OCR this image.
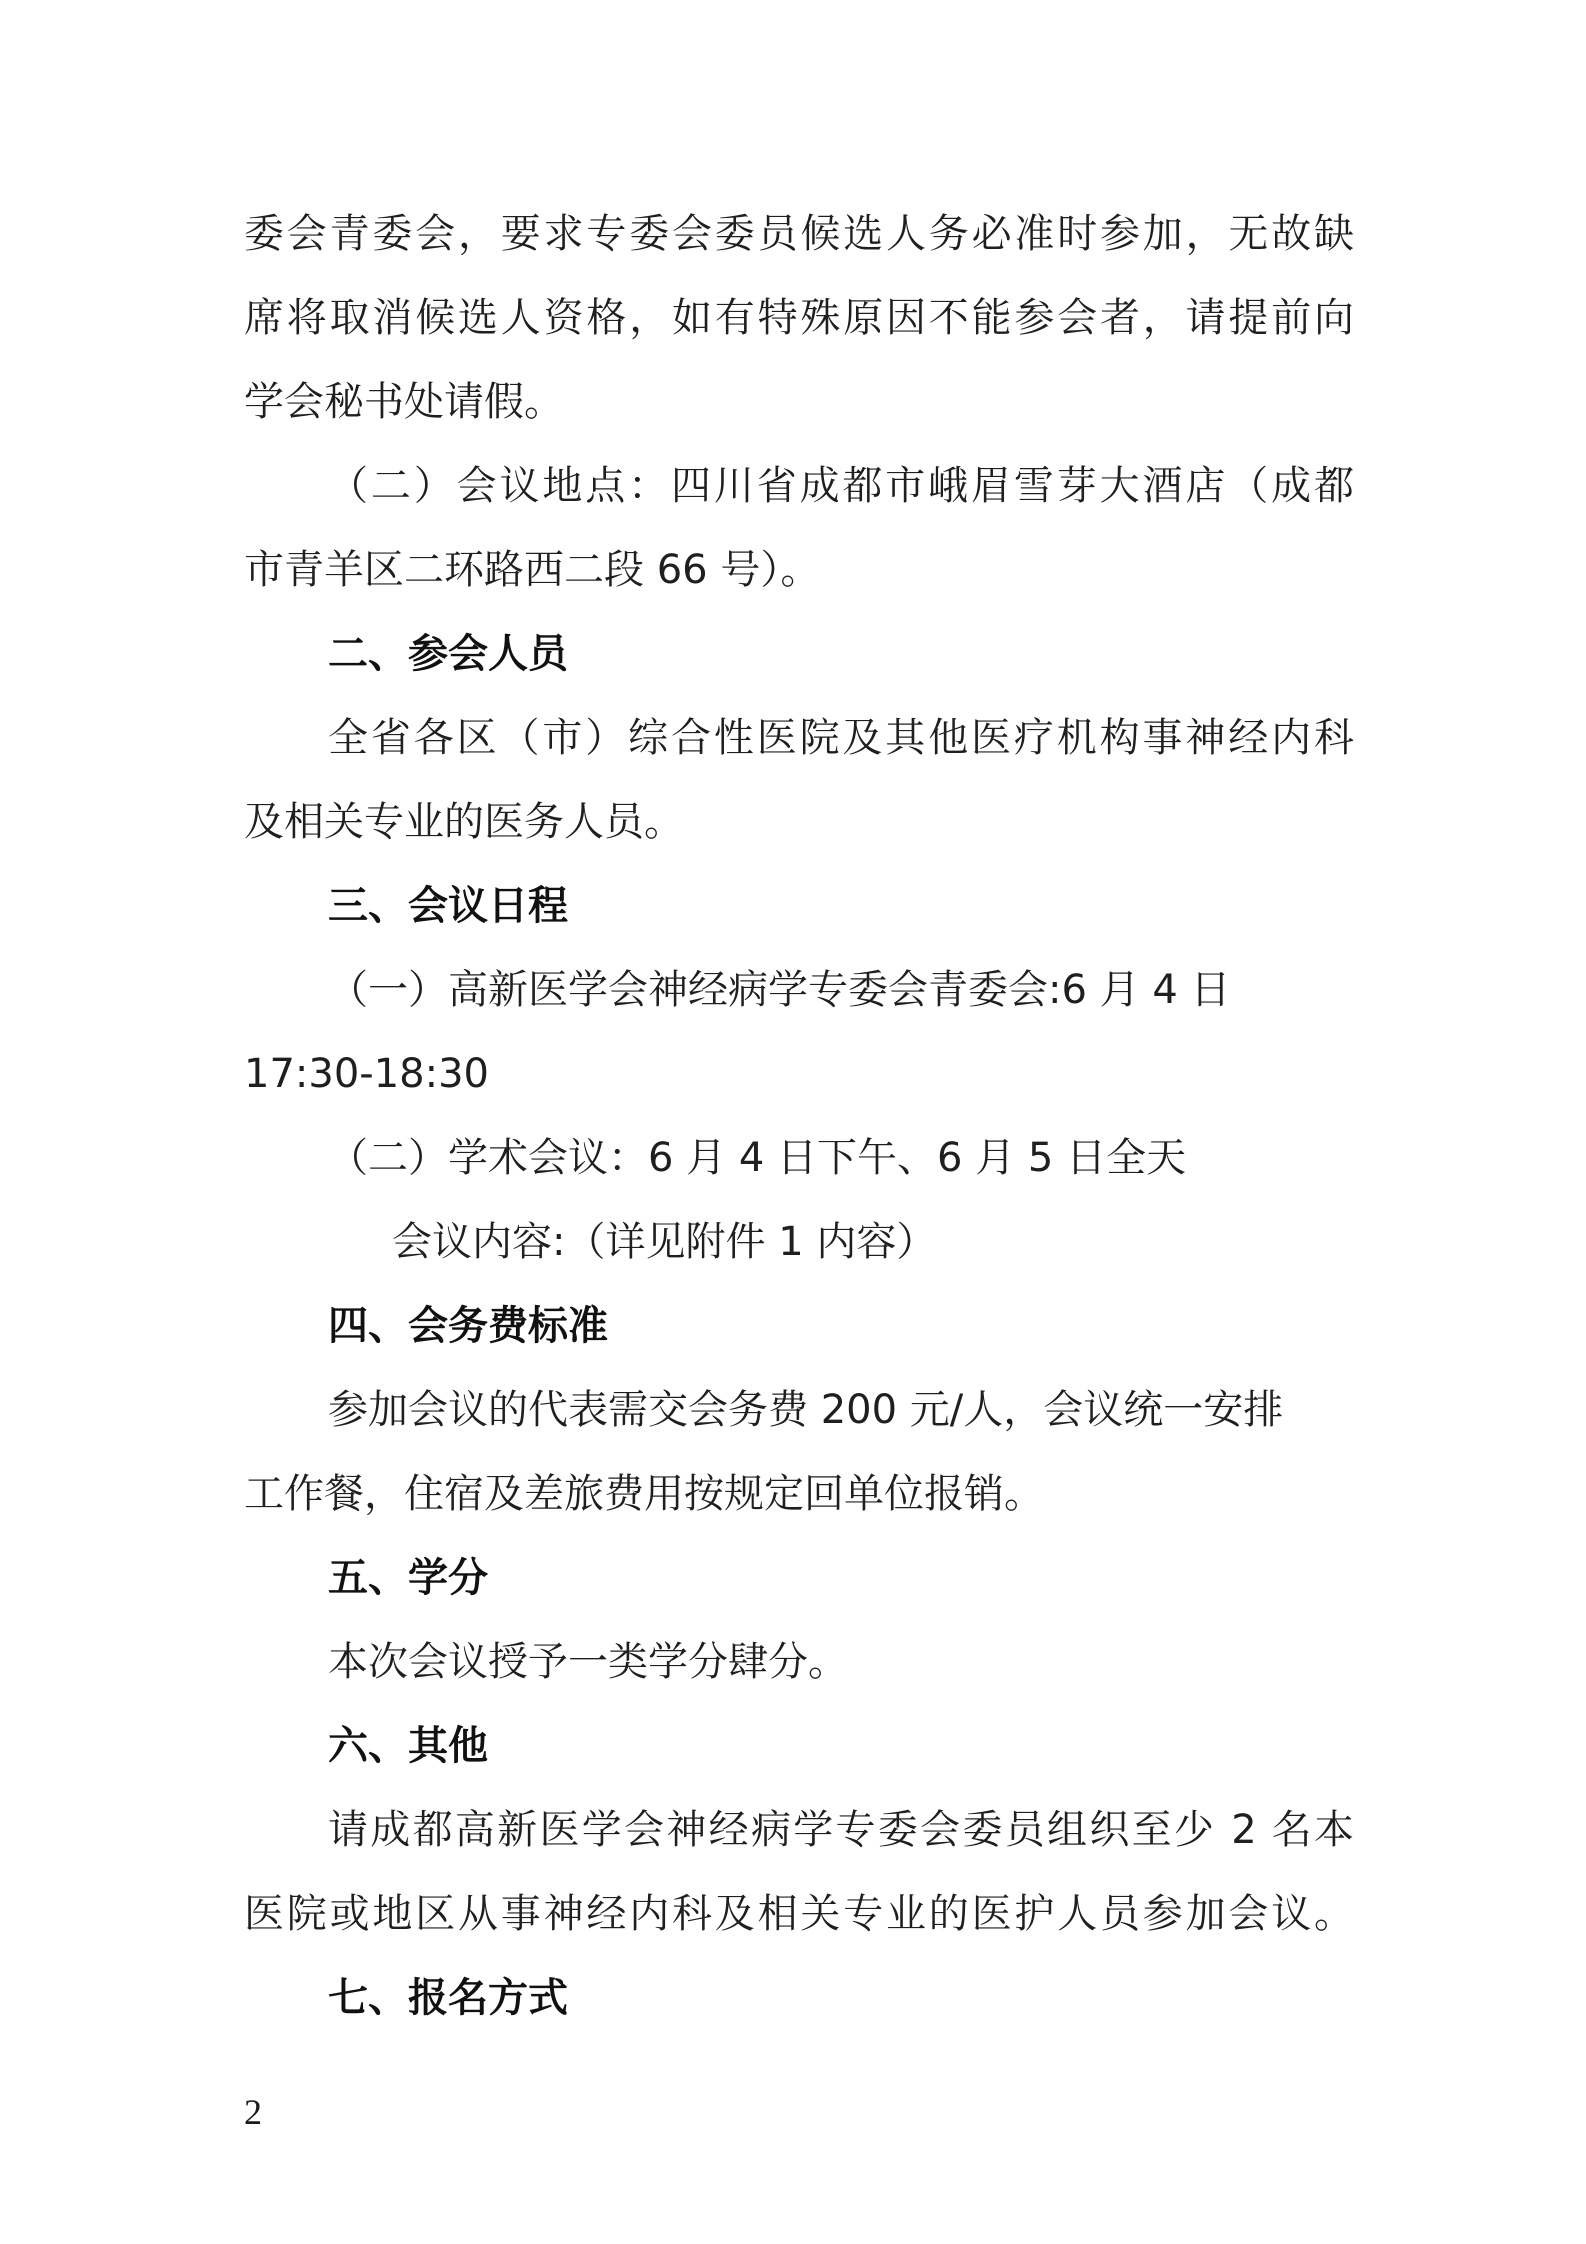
委会青委会，要求专委会委员候选人务必准时参加，无故缺
席将取消候选人资格，如有特殊原因不能参会者，请提前向
学会秘书处请假。
（二）会议地点：四川省成都市峨眉雪芽大酒店（成都
市青羊区二环路西二段 66 号）。
二、参会人员
全省各区（市）综合性医院及其他医疗机构事神经内科
及相关专业的医务人员。
三、会议日程
（一）高新医学会神经病学专委会青委会:6 月 4 日
17:30-18:30
（二）学术会议：6 月 4 日下午、6 月 5 日全天
会议内容:（详见附件 1 内容）
四、会务费标准
参加会议的代表需交会务费 200 元/人，会议统一安排
工作餐，住宿及差旅费用按规定回单位报销。
五、学分
本次会议授予一类学分肆分。
六、其他
请成都高新医学会神经病学专委会委员组织至少 2 名本
医院或地区从事神经内科及相关专业的医护人员参加会议。
七、报名方式
2
